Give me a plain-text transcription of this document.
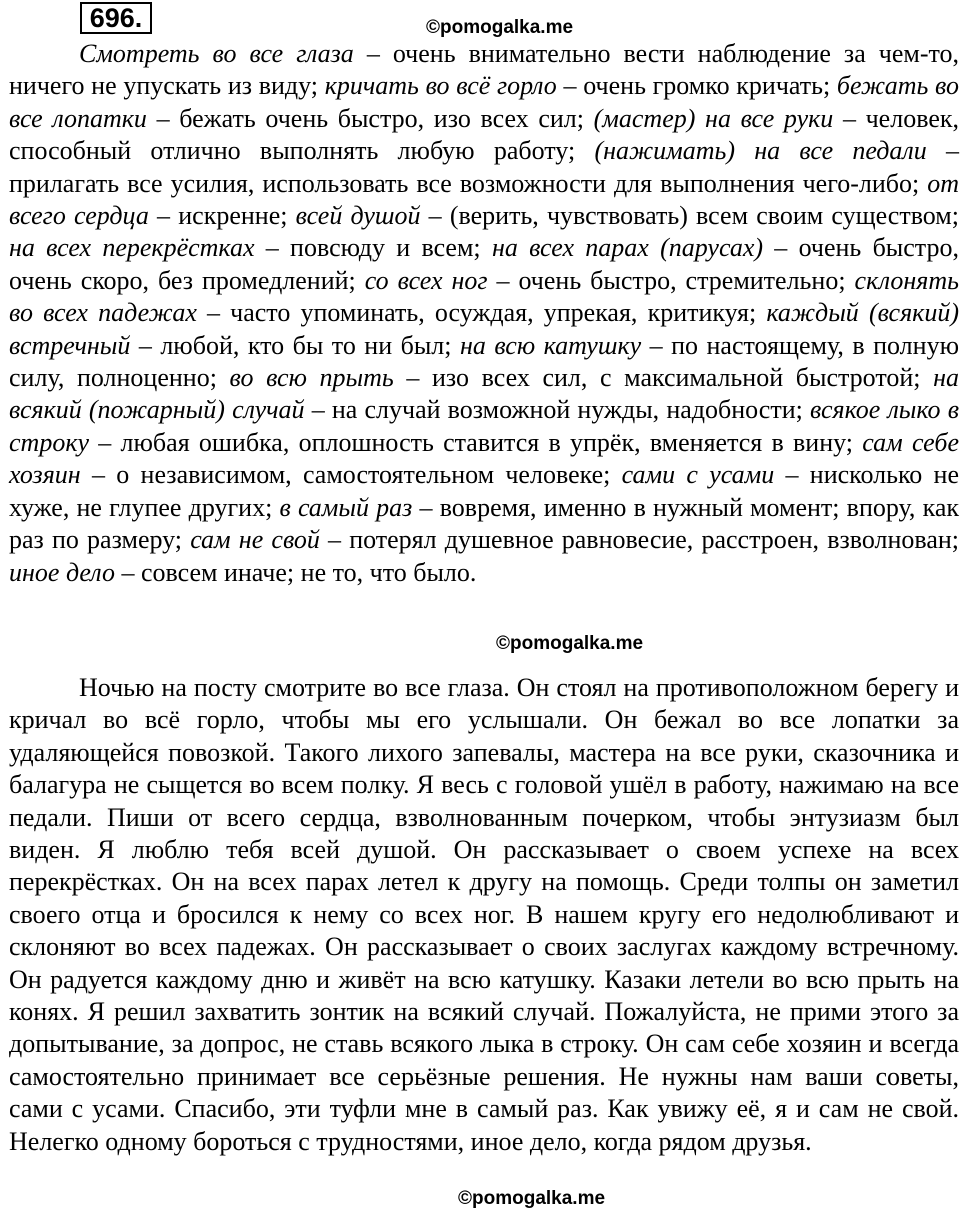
696.	©pomogalka.me

Смотреть во все глаза – очень внимательно вести наблюдение за чем-то, ничего не упускать из виду; кричать во всё горло – очень громко кричать; бежать во все лопатки – бежать очень быстро, изо всех сил; (мастер) на все руки – человек, способный отлично выполнять любую работу; (нажимать) на все педали – прилагать все усилия, использовать все возможности для выполнения чего-либо; от всего сердца – искренне; всей душой – (верить, чувствовать) всем своим существом; на всех перекрёстках – повсюду и всем; на всех парах (парусах) – очень быстро, очень скоро, без промедлений; со всех ног – очень быстро, стремительно; склонять во всех падежах – часто упоминать, осуждая, упрекая, критикуя; каждый (всякий) встречный – любой, кто бы то ни был; на всю катушку – по настоящему, в полную силу, полноценно; во всю прыть – изо всех сил, с максимальной быстротой; на всякий (пожарный) случай – на случай возможной нужды, надобности; всякое лыко в строку – любая ошибка, оплошность ставится в упрёк, вменяется в вину; сам себе хозяин – о независимом, самостоятельном человеке; сами с усами – нисколько не хуже, не глупее других; в самый раз – вовремя, именно в нужный момент; впору, как раз по размеру; сам не свой – потерял душевное равновесие, расстроен, взволнован; иное дело – совсем иначе; не то, что было.

©pomogalka.me

Ночью на посту смотрите во все глаза. Он стоял на противоположном берегу и кричал во всё горло, чтобы мы его услышали. Он бежал во все лопатки за удаляющейся повозкой. Такого лихого запевалы, мастера на все руки, сказочника и балагура не сыщется во всем полку. Я весь с головой ушёл в работу, нажимаю на все педали. Пиши от всего сердца, взволнованным почерком, чтобы энтузиазм был виден. Я люблю тебя всей душой. Он рассказывает о своем успехе на всех перекрёстках. Он на всех парах летел к другу на помощь. Среди толпы он заметил своего отца и бросился к нему со всех ног. В нашем кругу его недолюбливают и склоняют во всех падежах. Он рассказывает о своих заслугах каждому встречному. Он радуется каждому дню и живёт на всю катушку. Казаки летели во всю прыть на конях. Я решил захватить зонтик на всякий случай. Пожалуйста, не прими этого за допытывание, за допрос, не ставь всякого лыка в строку. Он сам себе хозяин и всегда самостоятельно принимает все серьёзные решения. Не нужны нам ваши советы, сами с усами. Спасибо, эти туфли мне в самый раз. Как увижу её, я и сам не свой. Нелегко одному бороться с трудностями, иное дело, когда рядом друзья.

©pomogalka.me
